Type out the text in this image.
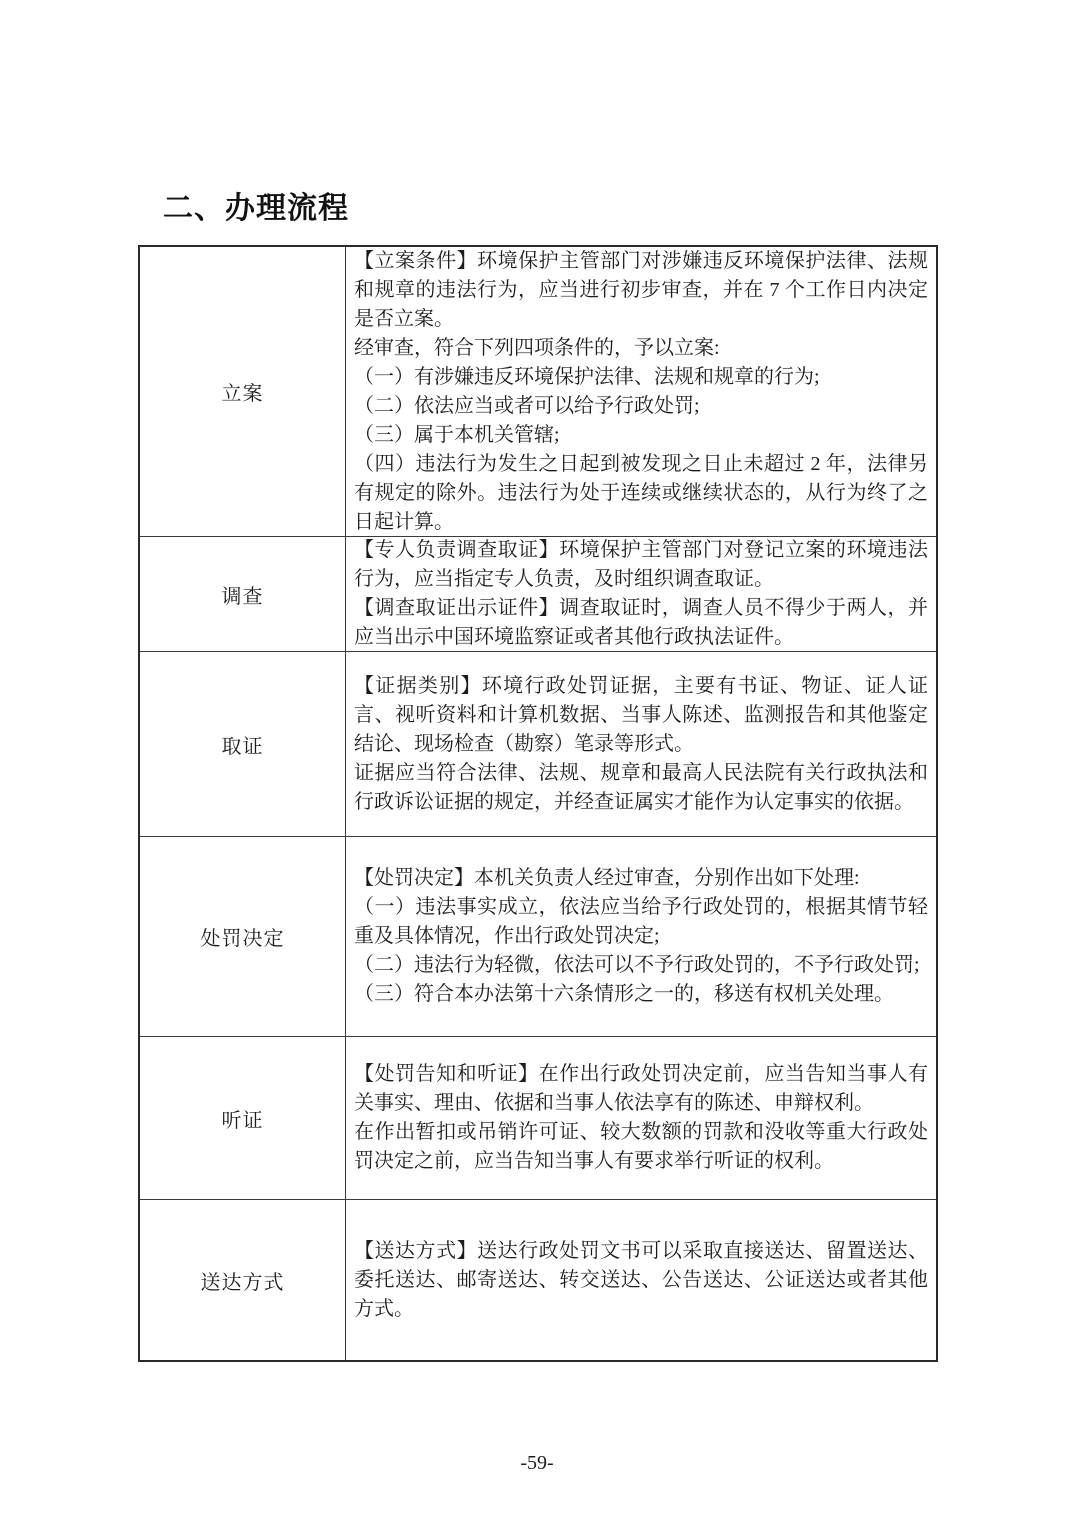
二、办理流程
立案

【立案条件】环境保护主管部门对涉嫌违反环境保护法律、法规和规章的违法行为，应当进行初步审查，并在 7 个工作日内决定是否立案。

经审查，符合下列四项条件的，予以立案:

（一）有涉嫌违反环境保护法律、法规和规章的行为;

（二）依法应当或者可以给予行政处罚;

（三）属于本机关管辖;

（四）违法行为发生之日起到被发现之日止未超过 2 年，法律另有规定的除外。违法行为处于连续或继续状态的，从行为终了之日起计算。

调查

【专人负责调查取证】环境保护主管部门对登记立案的环境违法行为，应当指定专人负责，及时组织调查取证。

【调查取证出示证件】调查取证时，调查人员不得少于两人，并应当出示中国环境监察证或者其他行政执法证件。

取证

【证据类别】环境行政处罚证据，主要有书证、物证、证人证言、视听资料和计算机数据、当事人陈述、监测报告和其他鉴定结论、现场检查（勘察）笔录等形式。

证据应当符合法律、法规、规章和最高人民法院有关行政执法和行政诉讼证据的规定，并经查证属实才能作为认定事实的依据。

处罚决定

【处罚决定】本机关负责人经过审查，分别作出如下处理:

（一）违法事实成立，依法应当给予行政处罚的，根据其情节轻重及具体情况，作出行政处罚决定;

（二）违法行为轻微，依法可以不予行政处罚的，不予行政处罚;

（三）符合本办法第十六条情形之一的，移送有权机关处理。

听证

【处罚告知和听证】在作出行政处罚决定前，应当告知当事人有关事实、理由、依据和当事人依法享有的陈述、申辩权利。

在作出暂扣或吊销许可证、较大数额的罚款和没收等重大行政处罚决定之前，应当告知当事人有要求举行听证的权利。

送达方式

【送达方式】送达行政处罚文书可以采取直接送达、留置送达、委托送达、邮寄送达、转交送达、公告送达、公证送达或者其他方式。

-59-
